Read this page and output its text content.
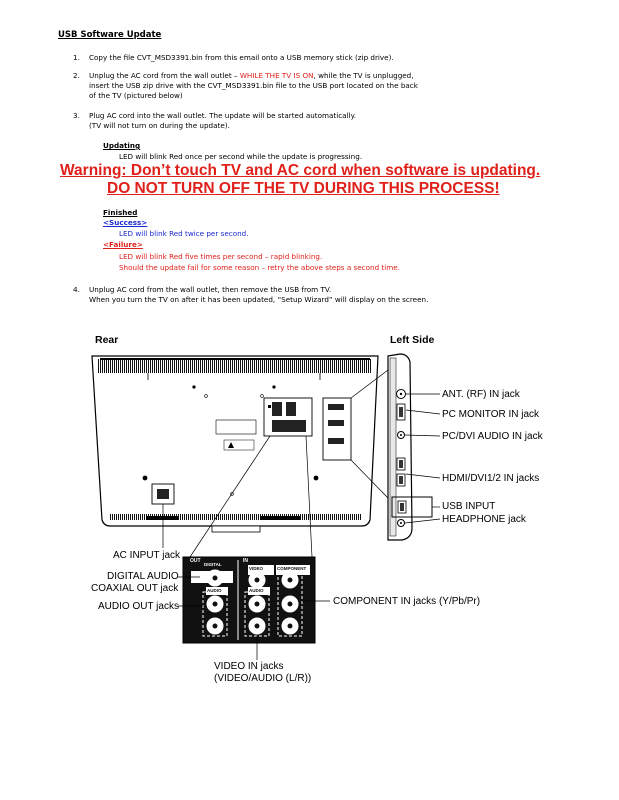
USB Software Update
1. Copy the file CVT_MSD3391.bin from this email onto a USB memory stick (zip drive).
2. Unplug the AC cord from the wall outlet – WHILE THE TV IS ON, while the TV is unplugged,
insert the USB zip drive with the CVT_MSD3391.bin file to the USB port located on the back
of the TV (pictured below)
3. Plug AC cord into the wall outlet. The update will be started automatically.
(TV will not turn on during the update).
Updating
LED will blink Red once per second while the update is progressing.
Warning: Don’t touch TV and AC cord when software is updating.
DO NOT TURN OFF THE TV DURING THIS PROCESS!
Finished
<Success>
LED will blink Red twice per second.
<Failure>
LED will blink Red five times per second – rapid blinking.
Should the update fail for some reason – retry the above steps a second time.
4. Unplug AC cord from the wall outlet, then remove the USB from TV.
When you turn the TV on after it has been updated, “Setup Wizard” will display on the screen.
OUT	IN
DIGITAL
VIDEO	COMPONENT
AUDIO	AUDIO
Rear	Left Side
ANT. (RF) IN jack
PC MONITOR IN jack
PC/DVI AUDIO IN jack
HDMI/DVI1/2 IN jacks
USB INPUT
HEADPHONE jack
AC INPUT jack
DIGITAL AUDIO
COAXIAL OUT jack
AUDIO OUT jacks	COMPONENT IN jacks (Y/Pb/Pr)
VIDEO IN jacks
(VIDEO/AUDIO (L/R))
